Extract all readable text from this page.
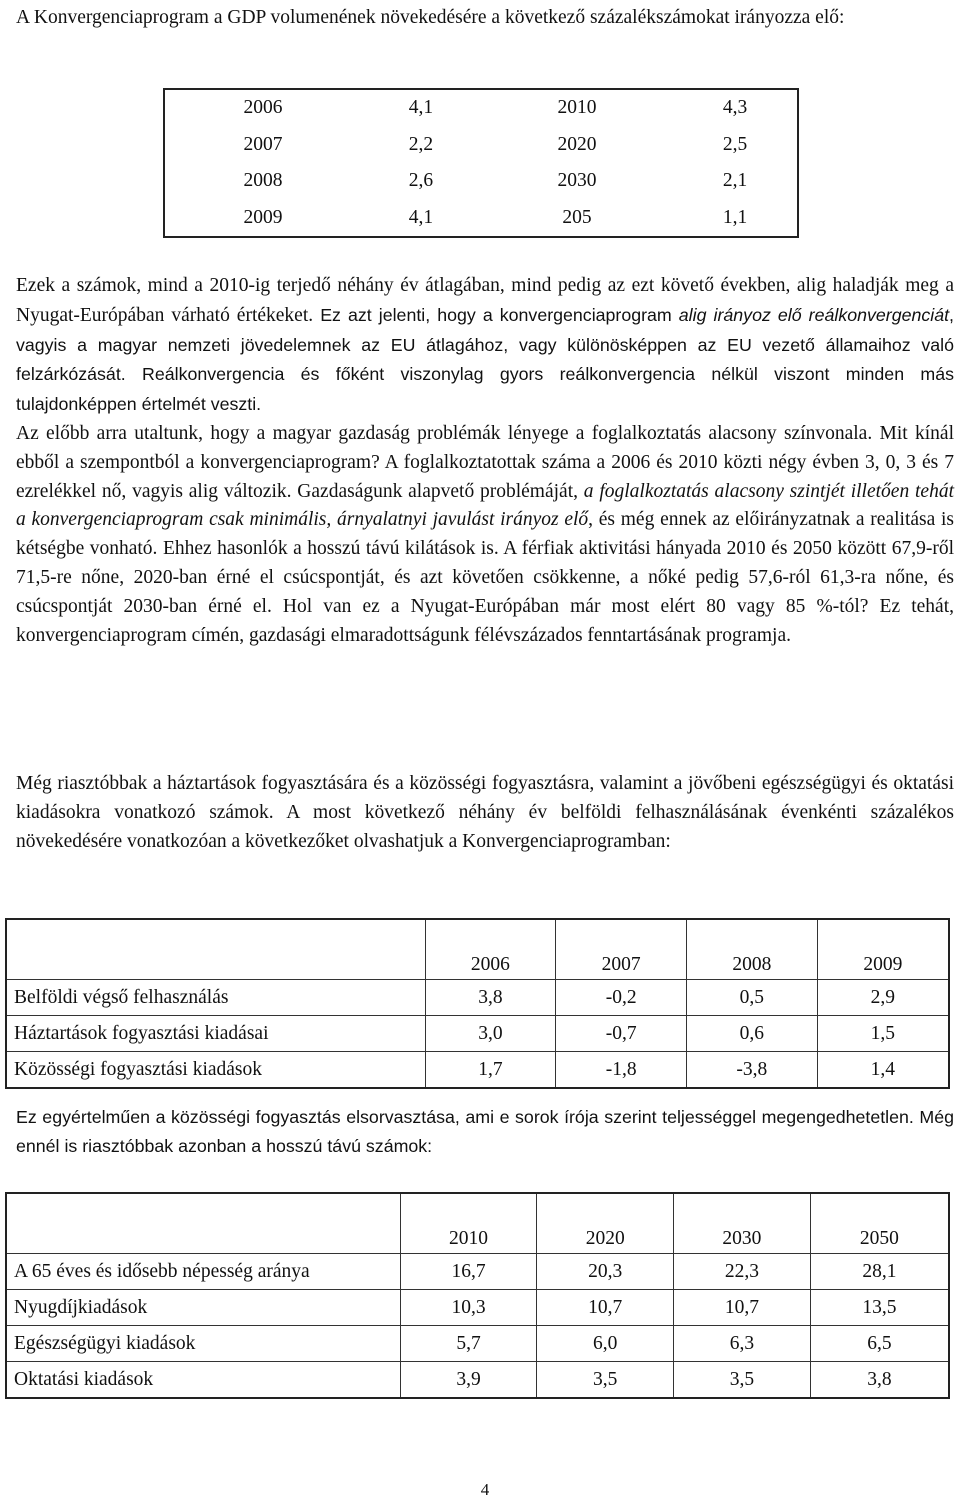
A Konvergenciaprogram a GDP volumenének növekedésére a következő százalékszámokat irányozza elő:

2006	4,1	2010	4,3
2007	2,2	2020	2,5
2008	2,6	2030	2,1
2009	4,1	205	1,1

Ezek a számok, mind a 2010-ig terjedő néhány év átlagában, mind pedig az ezt követő években, alig haladják meg a Nyugat-Európában várható értékeket. Ez azt jelenti, hogy a konvergenciaprogram alig irányoz elő reálkonvergenciát, vagyis a magyar nemzeti jövedelemnek az EU átlagához, vagy különösképpen az EU vezető államaihoz való felzárkózását. Reálkonvergencia és főként viszonylag gyors reálkonvergencia nélkül viszont minden más tulajdonképpen értelmét veszti.
Az előbb arra utaltunk, hogy a magyar gazdaság problémák lényege a foglalkoztatás alacsony színvonala. Mit kínál ebből a szempontból a konvergenciaprogram? A foglalkoztatottak száma a 2006 és 2010 közti négy évben 3, 0, 3 és 7 ezrelékkel nő, vagyis alig változik. Gazdaságunk alapvető problémáját, a foglalkoztatás alacsony szintjét illetően tehát a konvergenciaprogram csak minimális, árnyalatnyi javulást irányoz elő, és még ennek az előirányzatnak a realitása is kétségbe vonható. Ehhez hasonlók a hosszú távú kilátások is. A férfiak aktivitási hányada 2010 és 2050 között 67,9-ről 71,5-re nőne, 2020-ban érné el csúcspontját, és azt követően csökkenne, a nőké pedig 57,6-ról 61,3-ra nőne, és csúcspontját 2030-ban érné el. Hol van ez a Nyugat-Európában már most elért 80 vagy 85 %-tól? Ez tehát, konvergenciaprogram címén, gazdasági elmaradottságunk félévszázados fenntartásának programja.

Még riasztóbbak a háztartások fogyasztására és a közösségi fogyasztásra, valamint a jövőbeni egészségügyi és oktatási kiadásokra vonatkozó számok. A most következő néhány év belföldi felhasználásának évenkénti százalékos növekedésére vonatkozóan a következőket olvashatjuk a Konvergenciaprogramban:

	2006	2007	2008	2009
Belföldi végső felhasználás	3,8	-0,2	0,5	2,9
Háztartások fogyasztási kiadásai	3,0	-0,7	0,6	1,5
Közösségi fogyasztási kiadások	1,7	-1,8	-3,8	1,4

Ez egyértelműen a közösségi fogyasztás elsorvasztása, ami e sorok írója szerint teljességgel megengedhetetlen. Még ennél is riasztóbbak azonban a hosszú távú számok:

	2010	2020	2030	2050
A 65 éves és idősebb népesség aránya	16,7	20,3	22,3	28,1
Nyugdíjkiadások	10,3	10,7	10,7	13,5
Egészségügyi kiadások	5,7	6,0	6,3	6,5
Oktatási kiadások	3,9	3,5	3,5	3,8
4
